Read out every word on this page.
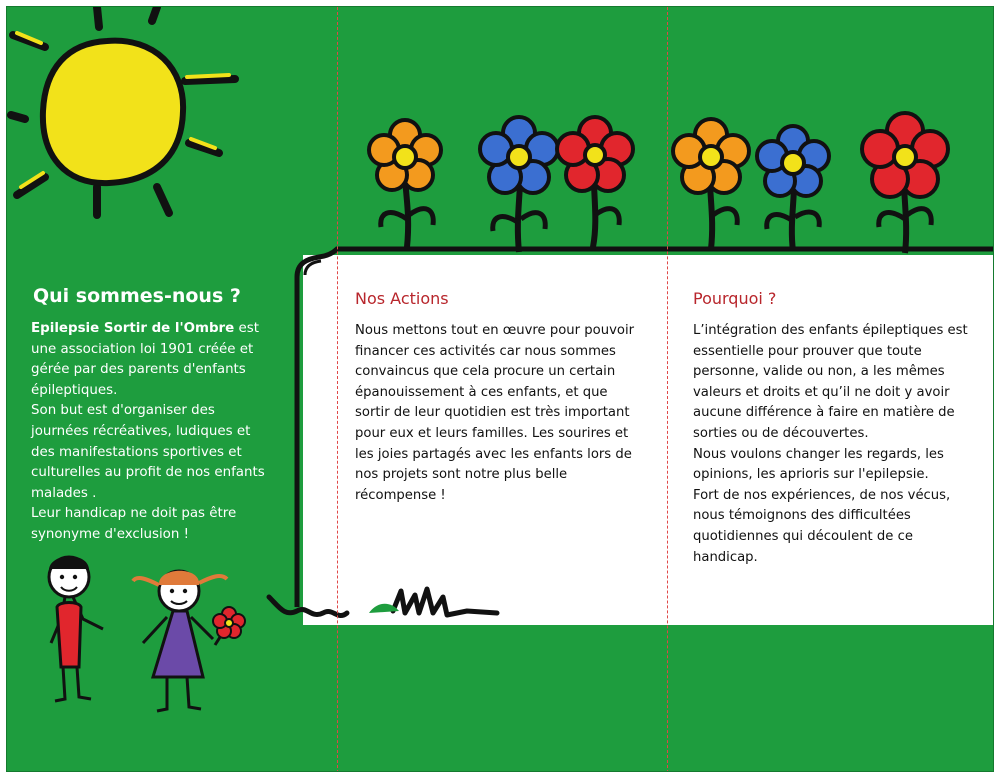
Qui sommes-nous ?

Epilepsie Sortir de l'Ombre est une association loi 1901 créée et gérée par des parents d'enfants épileptiques.
Son but est d'organiser des journées récréatives, ludiques et des manifestations sportives et culturelles au profit de nos enfants malades .
Leur handicap ne doit pas être synonyme d'exclusion !

Nos Actions

Nous mettons tout en œuvre pour pouvoir financer ces activités car nous sommes convaincus que cela procure un certain épanouissement à ces enfants, et que sortir de leur quotidien est très important pour eux et leurs familles. Les sourires et les joies partagés avec les enfants lors de nos projets sont notre plus belle récompense !

Pourquoi ?

L’intégration des enfants épileptiques est essentielle pour prouver que toute personne, valide ou non, a les mêmes valeurs et droits et qu’il ne doit y avoir aucune différence à faire en matière de sorties ou de découvertes.
Nous voulons changer les regards, les opinions, les aprioris sur l'epilepsie.
Fort de nos expériences, de nos vécus, nous témoignons des difficultées quotidiennes qui découlent de ce handicap.
